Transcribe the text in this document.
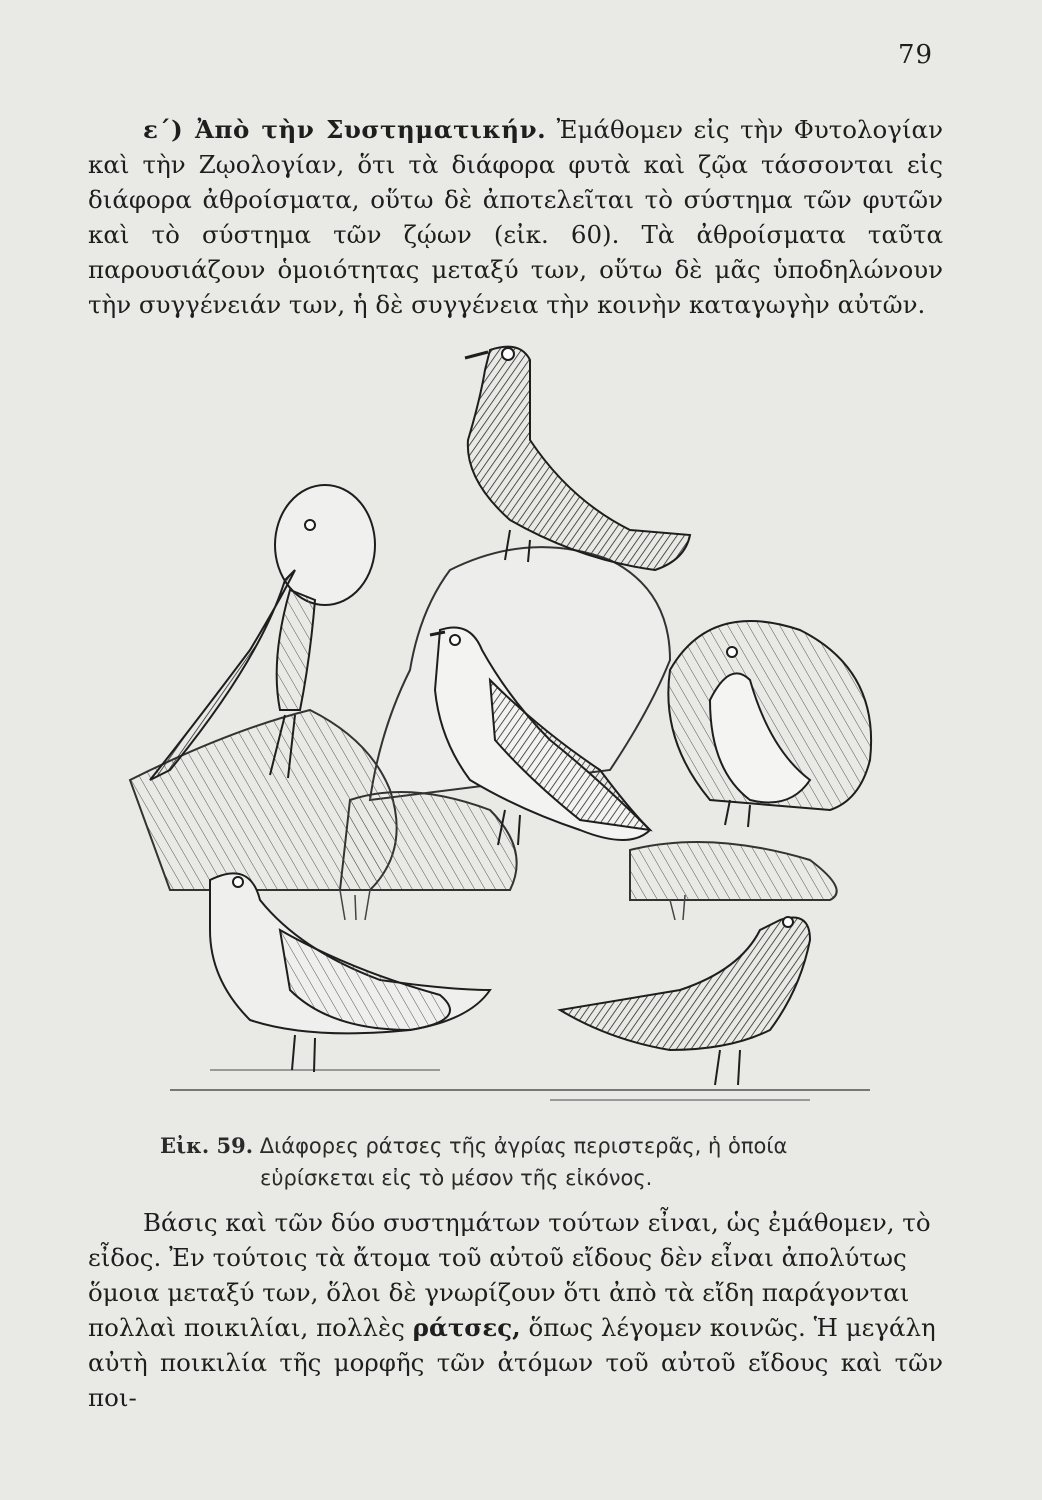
79
ε΄) Ἀπὸ τὴν Συστηματικήν. Ἐμάθομεν εἰς τὴν Φυτολογίαν καὶ τὴν Ζῳολογίαν, ὅτι τὰ διάφορα φυτὰ καὶ ζῷα τάσσονται εἰς διάφορα ἀθροίσματα, οὕτω δὲ ἀποτελεῖται τὸ σύστημα τῶν φυτῶν καὶ τὸ σύστημα τῶν ζῴων (εἰκ. 60). Τὰ ἀθροίσματα ταῦτα παρουσιάζουν ὁμοιότητας μεταξύ των, οὕτω δὲ μᾶς ὑποδηλώνουν τὴν συγγένειάν των, ἡ δὲ συγγένεια τὴν κοινὴν καταγωγὴν αὐτῶν.
Εἰκ. 59. Διάφορες ράτσες τῆς ἀγρίας περιστερᾶς, ἡ ὁποία
εὑρίσκεται εἰς τὸ μέσον τῆς εἰκόνος.
Βάσις καὶ τῶν δύο συστημάτων τούτων εἶναι, ὡς ἐμάθομεν, τὸ
εἶδος. Ἐν τούτοις τὰ ἄτομα τοῦ αὐτοῦ εἴδους δὲν εἶναι ἀπολύτως
ὅμοια μεταξύ των, ὅλοι δὲ γνωρίζουν ὅτι ἀπὸ τὰ εἴδη παράγονται
πολλαὶ ποικιλίαι, πολλὲς ράτσες, ὅπως λέγομεν κοινῶς. Ἡ μεγάλη
αὐτὴ ποικιλία τῆς μορφῆς τῶν ἀτόμων τοῦ αὐτοῦ εἴδους καὶ τῶν ποι-
